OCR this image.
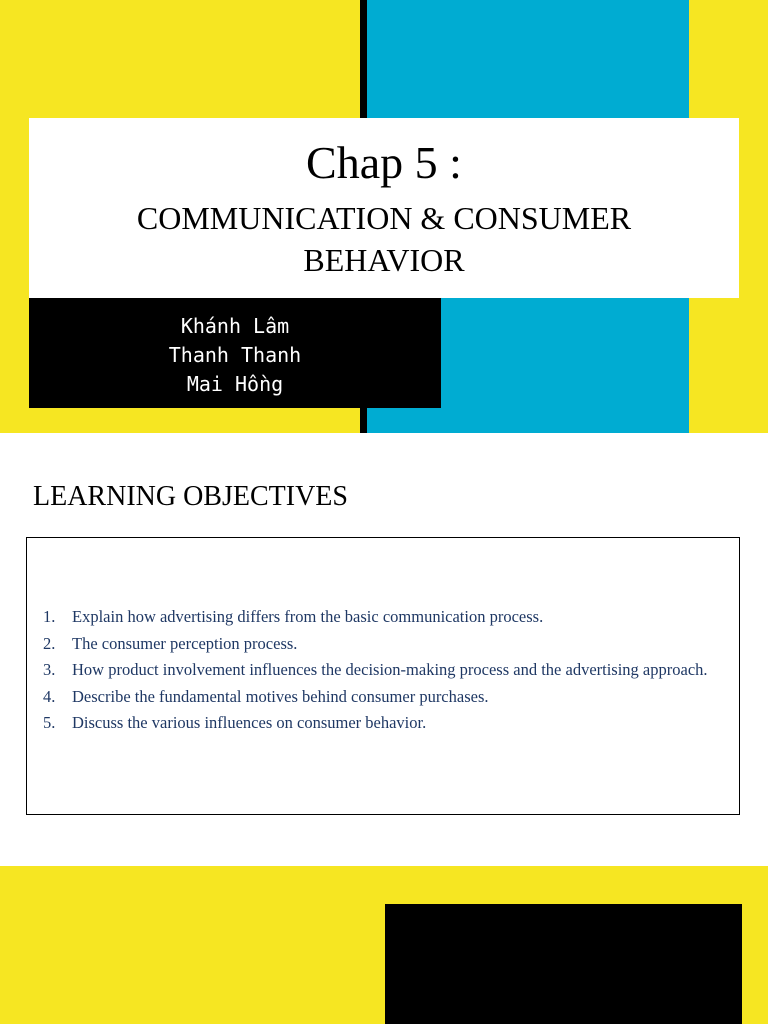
Chap 5 :
COMMUNICATION & CONSUMER BEHAVIOR
Khánh Lâm
Thanh Thanh
Mai Hồng
LEARNING OBJECTIVES
1. Explain how advertising differs from the basic communication process.
2. The consumer perception process.
3. How product involvement influences the decision-making process and the advertising approach.
4. Describe the fundamental motives behind consumer purchases.
5. Discuss the various influences on consumer behavior.
